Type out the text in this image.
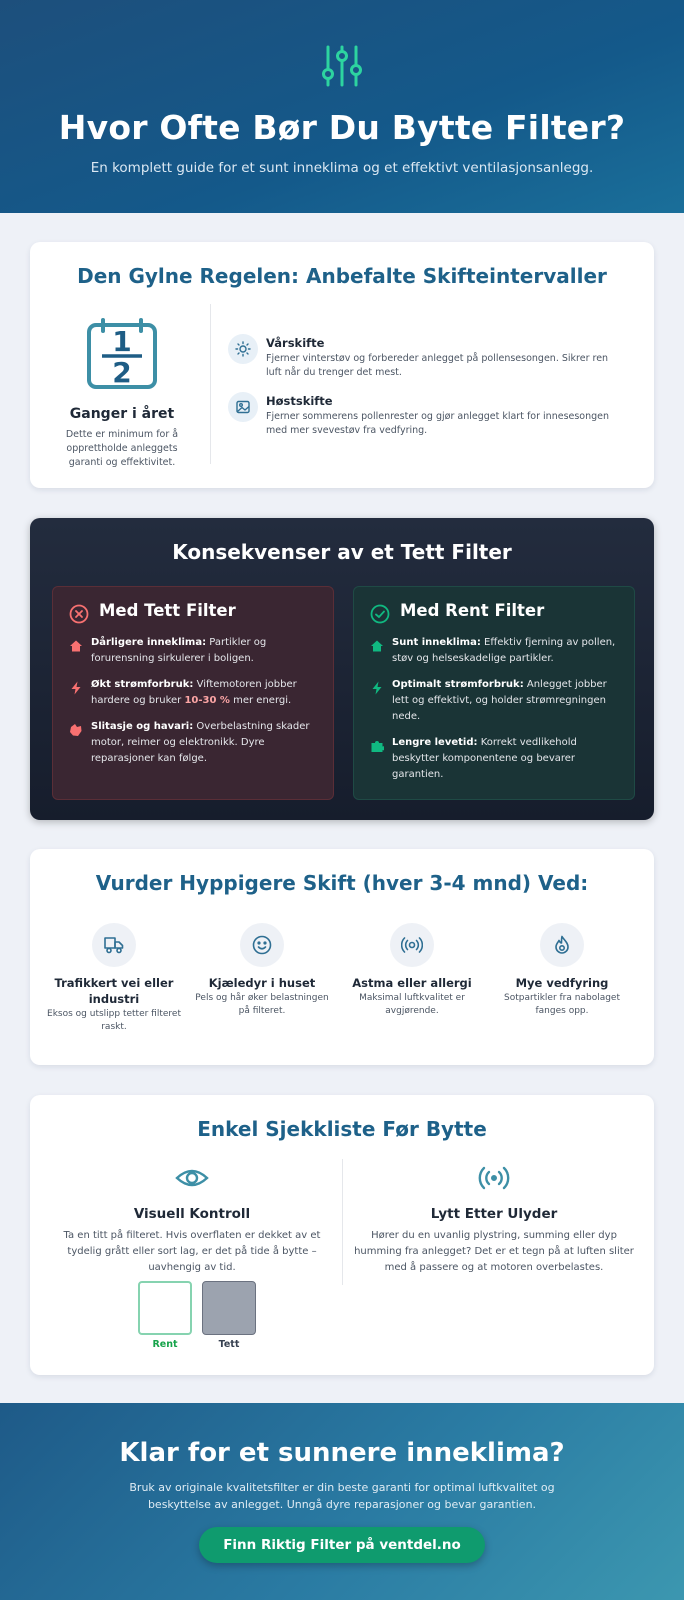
Hvor Ofte Bør Du Bytte Filter?

En komplett guide for et sunt inneklima og et effektivt ventilasjonsanlegg.

Den Gylne Regelen: Anbefalte Skifteintervaller
1
2
Ganger i året
Dette er minimum for å opprettholde anleggets garanti og effektivitet.
Vårskifte
Fjerner vinterstøv og forbereder anlegget på pollensesongen. Sikrer ren luft når du trenger det mest.
Høstskifte
Fjerner sommerens pollenrester og gjør anlegget klart for innesesongen med mer svevestøv fra vedfyring.
Konsekvenser av et Tett Filter
Med Tett Filter
Dårligere inneklima: Partikler og forurensning sirkulerer i boligen.
Økt strømforbruk: Viftemotoren jobber hardere og bruker 10-30 % mer energi.
Slitasje og havari: Overbelastning skader motor, reimer og elektronikk. Dyre reparasjoner kan følge.
Med Rent Filter
Sunt inneklima: Effektiv fjerning av pollen, støv og helseskadelige partikler.
Optimalt strømforbruk: Anlegget jobber lett og effektivt, og holder strømregningen nede.
Lengre levetid: Korrekt vedlikehold beskytter komponentene og bevarer garantien.
Vurder Hyppigere Skift (hver 3-4 mnd) Ved:
Trafikkert vei eller industri
Eksos og utslipp tetter filteret raskt.
Kjæledyr i huset
Pels og hår øker belastningen på filteret.
Astma eller allergi
Maksimal luftkvalitet er avgjørende.
Mye vedfyring
Sotpartikler fra nabolaget fanges opp.
Enkel Sjekkliste Før Bytte
Visuell Kontroll
Ta en titt på filteret. Hvis overflaten er dekket av et tydelig grått eller sort lag, er det på tide å bytte – uavhengig av tid.
Rent	Tett
Lytt Etter Ulyder
Hører du en uvanlig plystring, summing eller dyp humming fra anlegget? Det er et tegn på at luften sliter med å passere og at motoren overbelastes.
Klar for et sunnere inneklima?

Bruk av originale kvalitetsfilter er din beste garanti for optimal luftkvalitet og beskyttelse av anlegget. Unngå dyre reparasjoner og bevar garantien.

Finn Riktig Filter på ventdel.no
